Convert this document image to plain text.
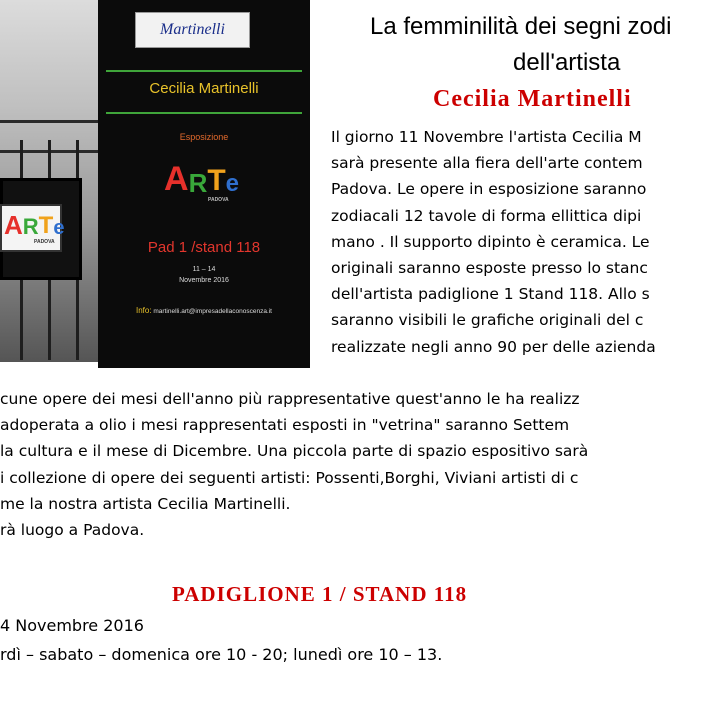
A R T e
PADOVA
Martinelli
Cecilia Martinelli
Esposizione
A R T e
PADOVA
Pad 1 /stand 118
11 – 14
Novembre 2016
Info: martinelli.art@impresadellaconoscenza.it
La femminilità dei segni zodi
dell'artista
Cecilia Martinelli
Il giorno 11 Novembre l'artista Cecilia M
sarà presente alla fiera dell'arte contem
Padova. Le opere in esposizione saranno
zodiacali 12 tavole di forma ellittica dipi
mano . Il supporto dipinto è ceramica. Le
originali saranno esposte presso lo stanc
dell'artista padiglione 1 Stand 118. Allo s
saranno visibili le grafiche originali del c
realizzate negli anno 90 per delle azienda
cune opere dei mesi dell'anno più rappresentative quest'anno le ha realizz
adoperata a olio i mesi rappresentati esposti in "vetrina" saranno Settem
la cultura e il mese di Dicembre. Una piccola parte di spazio espositivo sarà
i collezione di opere dei seguenti artisti: Possenti,Borghi, Viviani artisti di c
me la nostra artista Cecilia Martinelli.
rà luogo a Padova.
PADIGLIONE 1 / STAND 118
4 Novembre 2016
rdì – sabato – domenica ore 10 - 20; lunedì ore 10 – 13.
